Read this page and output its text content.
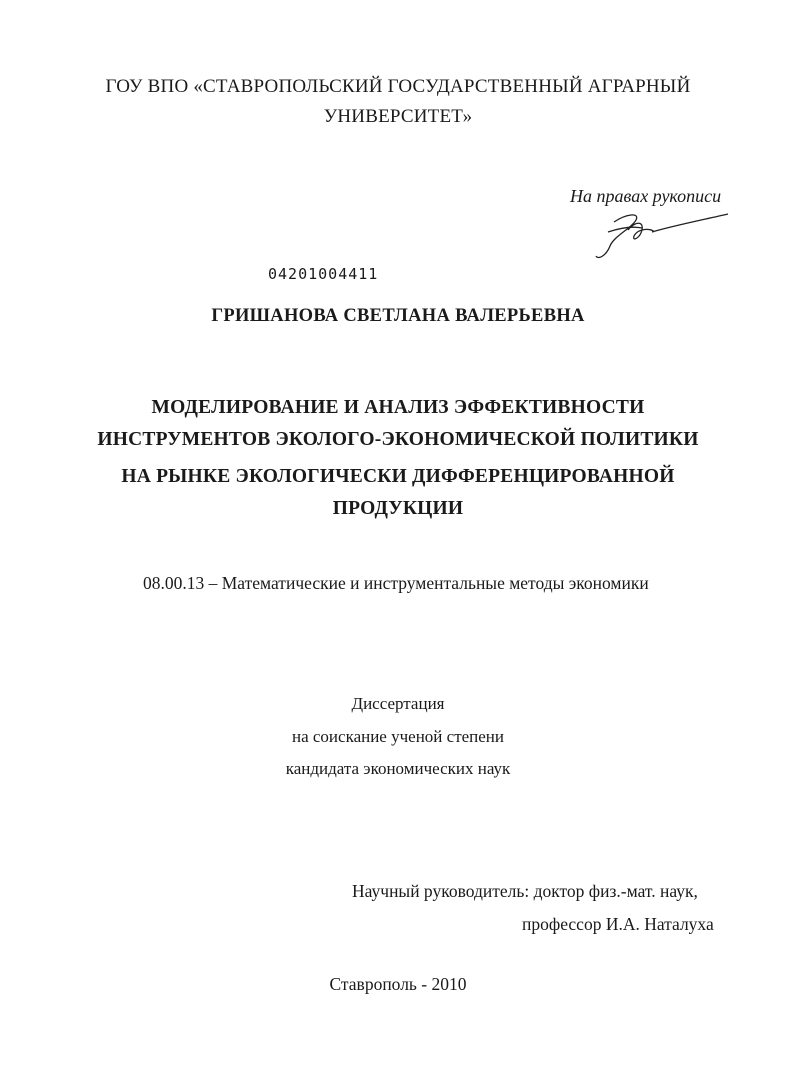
ГОУ ВПО «СТАВРОПОЛЬСКИЙ ГОСУДАРСТВЕННЫЙ АГРАРНЫЙ
УНИВЕРСИТЕТ»
На правах рукописи
04201004411
ГРИШАНОВА СВЕТЛАНА ВАЛЕРЬЕВНА
МОДЕЛИРОВАНИЕ И АНАЛИЗ ЭФФЕКТИВНОСТИ
ИНСТРУМЕНТОВ ЭКОЛОГО-ЭКОНОМИЧЕСКОЙ ПОЛИТИКИ
НА РЫНКЕ ЭКОЛОГИЧЕСКИ ДИФФЕРЕНЦИРОВАННОЙ
ПРОДУКЦИИ
08.00.13 – Математические и инструментальные методы экономики
Диссертация
на соискание ученой степени
кандидата экономических наук
Научный руководитель: доктор физ.-мат. наук,
профессор И.А. Наталуха
Ставрополь - 2010
